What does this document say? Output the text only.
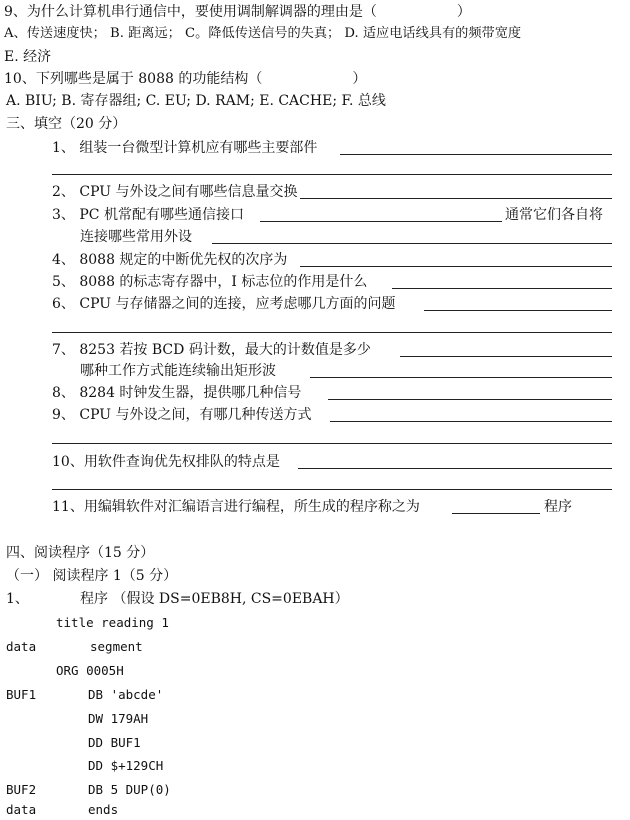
9、为什么计算机串行通信中，要使用调制解调器的理由是（	）
A、传送速度快； B. 距离远； C。降低传送信号的失真； D. 适应电话线具有的频带宽度
E. 经济
10、下列哪些是属于 8088 的功能结构（	）
A. BIU; B. 寄存器组; C. EU; D. RAM; E. CACHE; F. 总线
三、填空（20 分）
1、 组装一台微型计算机应有哪些主要部件
2、 CPU 与外设之间有哪些信息量交换
3、 PC 机常配有哪些通信接口	通常它们各自将
连接哪些常用外设
4、 8088 规定的中断优先权的次序为
5、 8088 的标志寄存器中，I 标志位的作用是什么
6、 CPU 与存储器之间的连接，应考虑哪几方面的问题
7、 8253 若按 BCD 码计数，最大的计数值是多少
哪种工作方式能连续输出矩形波
8、 8284 时钟发生器，提供哪几种信号
9、 CPU 与外设之间，有哪几种传送方式
10、用软件查询优先权排队的特点是
11、用编辑软件对汇编语言进行编程，所生成的程序称之为	程序
四、阅读程序（15 分）
（一） 阅读程序 1（5 分）
1、	程序 （假设 DS=0EB8H, CS=0EBAH）
title reading 1
data	segment
ORG 0005H
BUF1	DB 'abcde'
DW 179AH
DD BUF1
DD $+129CH
BUF2	DB 5 DUP(0)
data	ends
